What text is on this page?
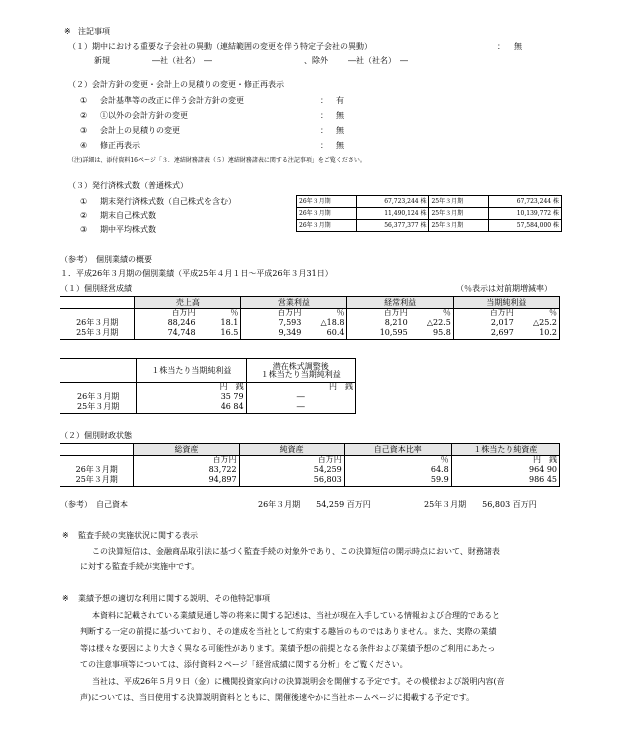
※ 注記事項
（１）期中における重要な子会社の異動（連結範囲の変更を伴う特定子会社の異動）	： 無
新規	―社（社名）　―	、除外	―社（社名）　―
（２）会計方針の変更・会計上の見積りの変更・修正再表示
① 会計基準等の改正に伴う会計方針の変更	： 有
② ①以外の会計方針の変更	： 無
③ 会計上の見積りの変更	： 無
④ 修正再表示	： 無
（注)詳細は、添付資料16ページ「３．連結財務諸表（５）連結財務諸表に関する注記事項」をご覧ください。
（３）発行済株式数（普通株式）
① 期末発行済株式数（自己株式を含む）
② 期末自己株式数
③ 期中平均株式数
26年３月期	67,723,244 株	25年３月期	67,723,244 株
26年３月期	11,490,124 株	25年３月期	10,139,772 株
26年３月期	56,377,377 株	25年３月期	57,584,000 株
（参考）　個別業績の概要
１．平成26年３月期の個別業績（平成25年４月１日～平成26年３月31日）
（１）個別経営成績	（％表示は対前期増減率）
	売上高		営業利益		経常利益		当期純利益	
	百万円	％	百万円	％	百万円	％	百万円	％
26年３月期	88,246	18.1	7,593	△18.8	8,210	△22.5	2,017	△25.2
25年３月期	74,748	16.5	9,349	60.4	10,595	95.8	2,697	10.2
	１株当たり当期純利益	潜在株式調整後
１株当たり当期純利益

	円　銭	円　銭
26年３月期	35 79	―
25年３月期	46 84	―
（２）個別財政状態
	総資産	純資産	自己資本比率	１株当たり純資産
	百万円	百万円	％	円　銭
26年３月期	83,722	54,259	64.8	964 90
25年３月期	94,897	56,803	59.9	986 45
（参考）　自己資本	26年３月期　　54,259 百万円	25年３月期　　56,803 百万円
※ 監査手続の実施状況に関する表示
この決算短信は、金融商品取引法に基づく監査手続の対象外であり、この決算短信の開示時点において、財務諸表
に対する監査手続が実施中です。
※ 業績予想の適切な利用に関する説明、その他特記事項
本資料に記載されている業績見通し等の将来に関する記述は、当社が現在入手している情報および合理的であると
判断する一定の前提に基づいており、その達成を当社として約束する趣旨のものではありません。また、実際の業績
等は様々な要因により大きく異なる可能性があります。業績予想の前提となる条件および業績予想のご利用にあたっ
ての注意事項等については、添付資料２ページ「経営成績に関する分析」をご覧ください。
当社は、平成26年５月９日（金）に機関投資家向けの決算説明会を開催する予定です。その模様および説明内容(音
声)については、当日使用する決算説明資料とともに、開催後速やかに当社ホームページに掲載する予定です。
